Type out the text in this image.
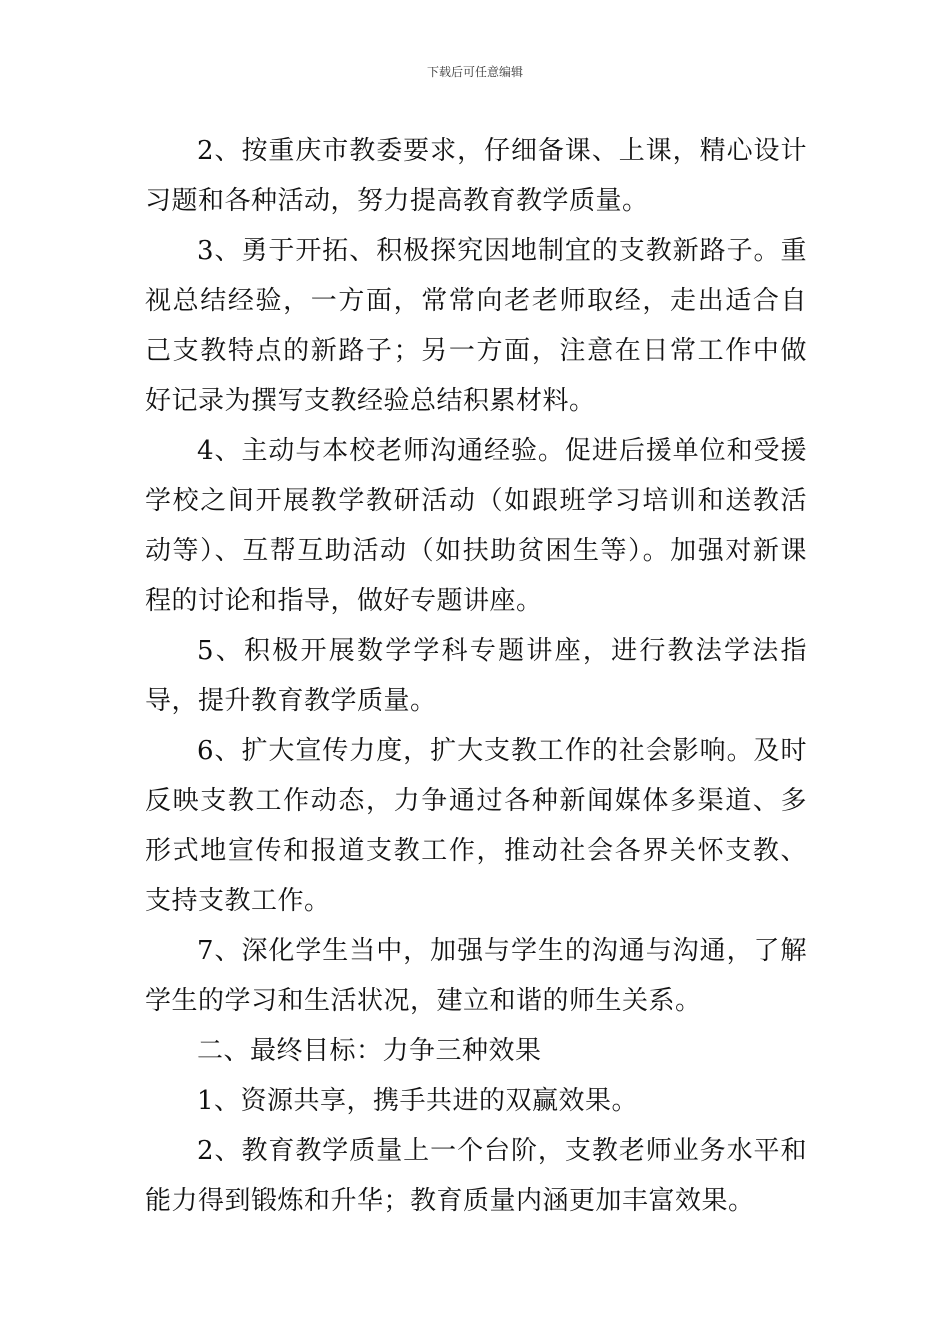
下载后可任意编辑

2、按重庆市教委要求，仔细备课、上课，精心设计习题和各种活动，努力提高教育教学质量。

3、勇于开拓、积极探究因地制宜的支教新路子。重视总结经验，一方面，常常向老老师取经，走出适合自己支教特点的新路子；另一方面，注意在日常工作中做好记录为撰写支教经验总结积累材料。

4、主动与本校老师沟通经验。促进后援单位和受援学校之间开展教学教研活动（如跟班学习培训和送教活动等）、互帮互助活动（如扶助贫困生等）。加强对新课程的讨论和指导，做好专题讲座。

5、积极开展数学学科专题讲座，进行教法学法指导，提升教育教学质量。

6、扩大宣传力度，扩大支教工作的社会影响。及时反映支教工作动态，力争通过各种新闻媒体多渠道、多形式地宣传和报道支教工作，推动社会各界关怀支教、支持支教工作。

7、深化学生当中，加强与学生的沟通与沟通，了解学生的学习和生活状况，建立和谐的师生关系。

二、最终目标：力争三种效果

1、资源共享，携手共进的双赢效果。

2、教育教学质量上一个台阶，支教老师业务水平和能力得到锻炼和升华；教育质量内涵更加丰富效果。
